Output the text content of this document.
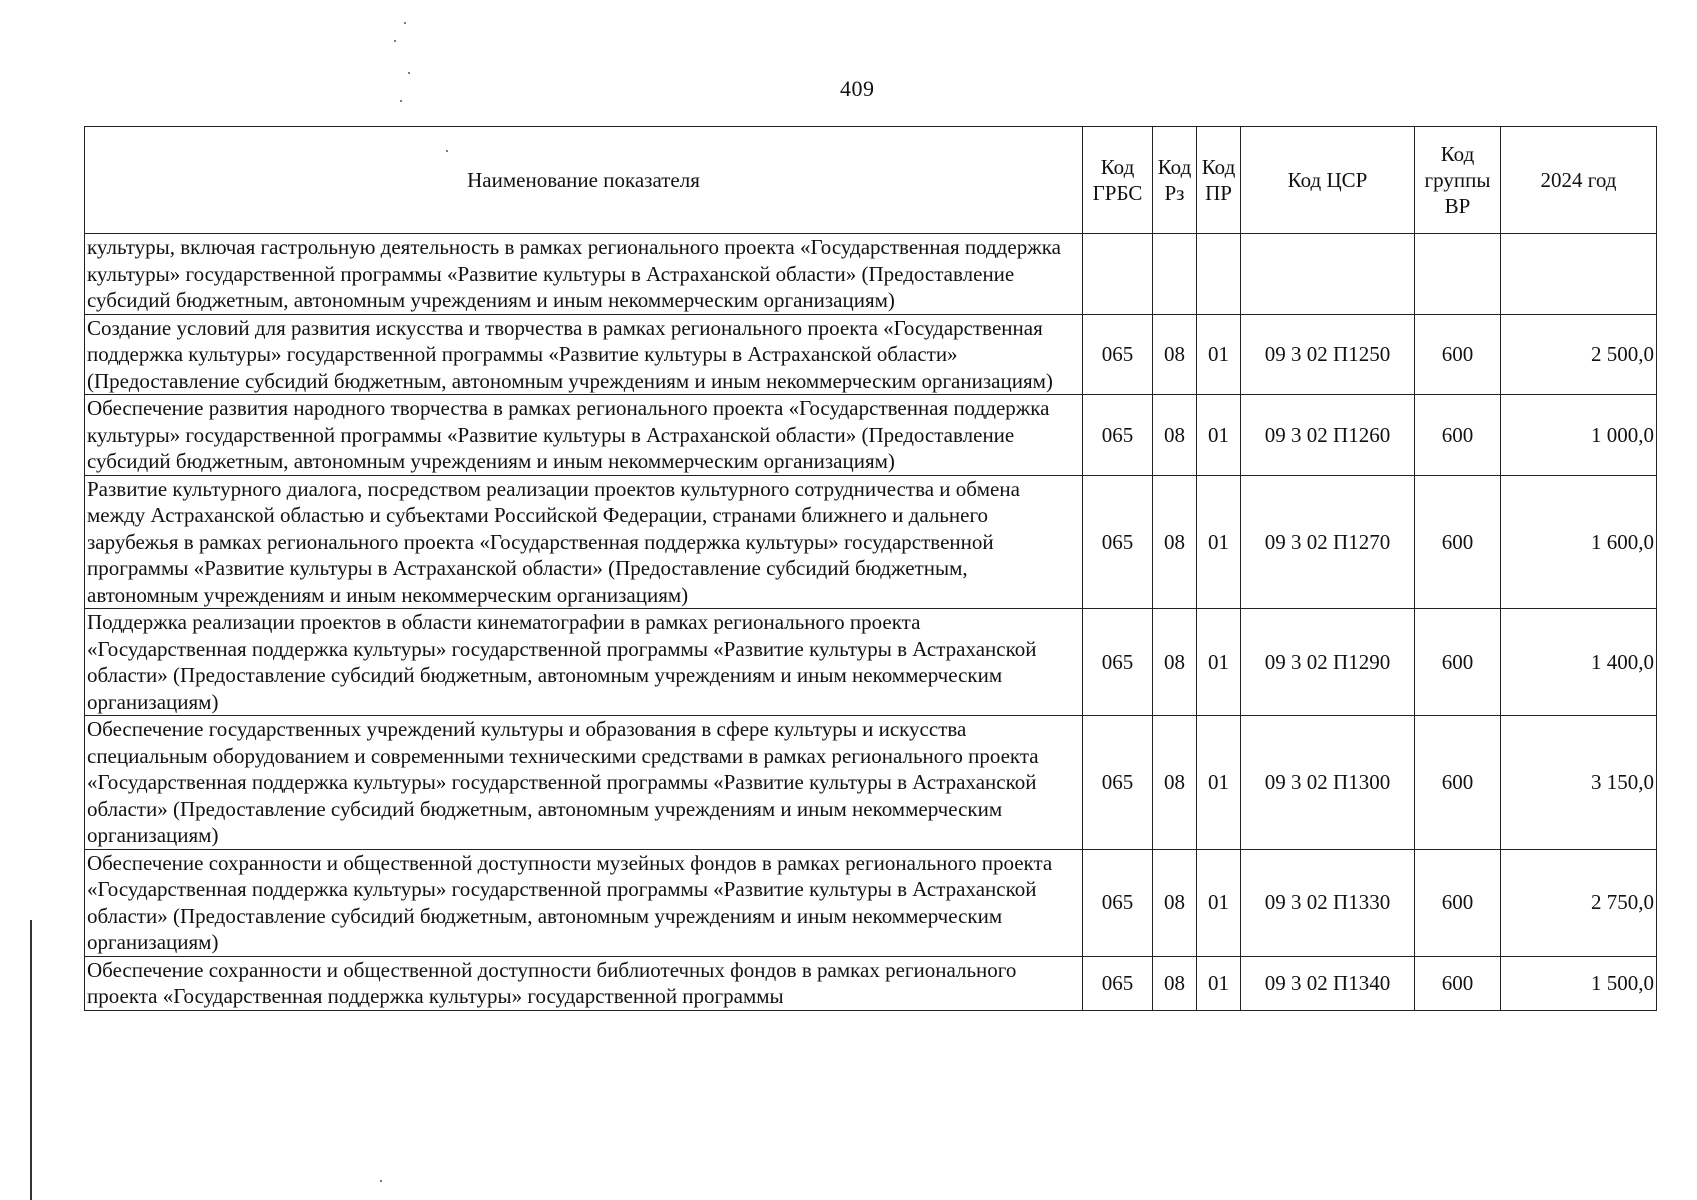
409
Наименование показателя	Код ГРБС	Код Рз	Код ПР	Код ЦСР	Код группы ВР	2024 год
культуры, включая гастрольную деятельность в рамках регионального проекта «Государственная поддержка культуры» государственной программы «Развитие культуры в Астраханской области» (Предоставление субсидий бюджетным, автономным учреждениям и иным некоммерческим организациям)						
Создание условий для развития искусства и творчества в рамках регионального проекта «Государственная поддержка культуры» государственной программы «Развитие культуры в Астраханской области» (Предоставление субсидий бюджетным, автономным учреждениям и иным некоммерческим организациям)	065	08	01	09 3 02 П1250	600	2 500,0
Обеспечение развития народного творчества в рамках регионального проекта «Государственная поддержка культуры» государственной программы «Развитие культуры в Астраханской области» (Предоставление субсидий бюджетным, автономным учреждениям и иным некоммерческим организациям)	065	08	01	09 3 02 П1260	600	1 000,0
Развитие культурного диалога, посредством реализации проектов культурного сотрудничества и обмена между Астраханской областью и субъектами Российской Федерации, странами ближнего и дальнего зарубежья в рамках регионального проекта «Государственная поддержка культуры» государственной программы «Развитие культуры в Астраханской области» (Предоставление субсидий бюджетным, автономным учреждениям и иным некоммерческим организациям)	065	08	01	09 3 02 П1270	600	1 600,0
Поддержка реализации проектов в области кинематографии в рамках регионального проекта «Государственная поддержка культуры» государственной программы «Развитие культуры в Астраханской области» (Предоставление субсидий бюджетным, автономным учреждениям и иным некоммерческим организациям)	065	08	01	09 3 02 П1290	600	1 400,0
Обеспечение государственных учреждений культуры и образования в сфере культуры и искусства специальным оборудованием и современными техническими средствами в рамках регионального проекта «Государственная поддержка культуры» государственной программы «Развитие культуры в Астраханской области» (Предоставление субсидий бюджетным, автономным учреждениям и иным некоммерческим организациям)	065	08	01	09 3 02 П1300	600	3 150,0
Обеспечение сохранности и общественной доступности музейных фондов в рамках регионального проекта «Государственная поддержка культуры» государственной программы «Развитие культуры в Астраханской области» (Предоставление субсидий бюджетным, автономным учреждениям и иным некоммерческим организациям)	065	08	01	09 3 02 П1330	600	2 750,0
Обеспечение сохранности и общественной доступности библиотечных фондов в рамках регионального проекта «Государственная поддержка культуры» государственной программы	065	08	01	09 3 02 П1340	600	1 500,0
